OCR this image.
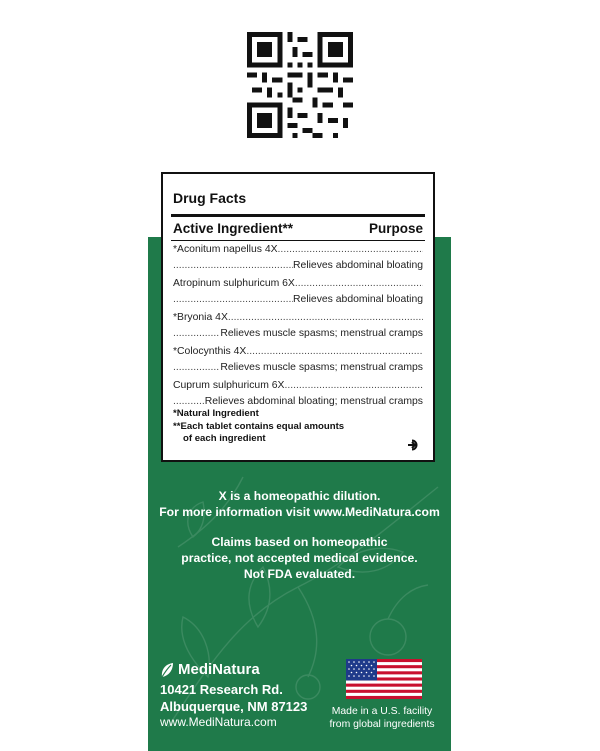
Drug Facts
Active Ingredient**	Purpose
*Aconitum napellus 4X
.....
.....
Relieves abdominal bloating
Atropinum sulphuricum 6X
.....
.....
Relieves abdominal bloating
*Bryonia 4X
.....
.....
Relieves muscle spasms; menstrual cramps
*Colocynthis 4X
.....
.....
Relieves muscle spasms; menstrual cramps
Cuprum sulphuricum 6X
.....
.....
Relieves abdominal bloating; menstrual cramps
*Natural Ingredient
**Each tablet contains equal amounts
of each ingredient
X is a homeopathic dilution.
For more information visit www.MediNatura.com
Claims based on homeopathic
practice, not accepted medical evidence.
Not FDA evaluated.
MediNatura
10421 Research Rd.
Albuquerque, NM 87123
www.MediNatura.com
Made in a U.S. facility
from global ingredients
